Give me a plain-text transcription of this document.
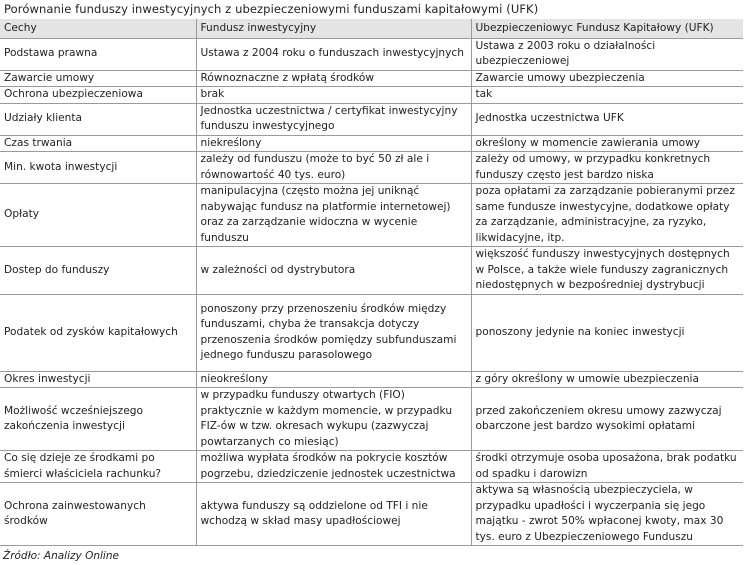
Porównanie funduszy inwestycyjnych z ubezpieczeniowymi funduszami kapitałowymi (UFK)
Cechy	Fundusz inwestycyjny	Ubezpieczeniowyc Fundusz Kapitałowy (UFK)
Podstawa prawna	Ustawa z 2004 roku o funduszach inwestycyjnych	Ustawa z 2003 roku o działalności ubezpieczeniowej
Zawarcie umowy	Równoznaczne z wpłatą środków	Zawarcie umowy ubezpieczenia
Ochrona ubezpieczeniowa	brak	tak
Udziały klienta	Jednostka uczestnictwa / certyfikat inwestycyjny funduszu inwestycyjnego	Jednostka uczestnictwa UFK
Czas trwania	niekreślony	określony w momencie zawierania umowy
Min. kwota inwestycji	zależy od funduszu (może to być 50 zł ale i równowartość 40 tys. euro)	zależy od umowy, w przypadku konkretnych funduszy często jest bardzo niska
Opłaty	manipulacyjna (często można jej uniknąć nabywając fundusz na platformie internetowej) oraz za zarządzanie widoczna w wycenie funduszu	poza opłatami za zarządzanie pobieranymi przez same fundusze inwestycyjne, dodatkowe opłaty za zarządzanie, administracyjne, za ryzyko, likwidacyjne, itp.
Dostep do funduszy	w zależności od dystrybutora	większość funduszy inwestycyjnych dostępnych w Polsce, a także wiele funduszy zagranicznych niedostępnych w bezpośredniej dystrybucji
Podatek od zysków kapitałowych	ponoszony przy przenoszeniu środków między funduszami, chyba że transakcja dotyczy przenoszenia środków pomiędzy subfunduszami jednego funduszu parasolowego	ponoszony jedynie na koniec inwestycji
Okres inwestycji	nieokreślony	z góry określony w umowie ubezpieczenia
Możliwość wcześniejszego zakończenia inwestycji	w przypadku funduszy otwartych (FIO) praktycznie w każdym momencie, w przypadku FIZ-ów w tzw. okresach wykupu (zazwyczaj powtarzanych co miesiąc)	przed zakończeniem okresu umowy zazwyczaj obarczone jest bardzo wysokimi opłatami
Co się dzieje ze środkami po śmierci właściciela rachunku?	możliwa wypłata środków na pokrycie kosztów pogrzebu, dziedziczenie jednostek uczestnictwa	środki otrzymuje osoba uposażona, brak podatku od spadku i darowizn
Ochrona zainwestowanych środków	aktywa funduszy są oddzielone od TFI i nie wchodzą w skład masy upadłościowej	aktywa są własnością ubezpieczyciela, w przypadku upadłości i wyczerpania się jego majątku - zwrot 50% wpłaconej kwoty, max 30 tys. euro z Ubezpieczeniowego Funduszu
Źródło: Analizy Online
